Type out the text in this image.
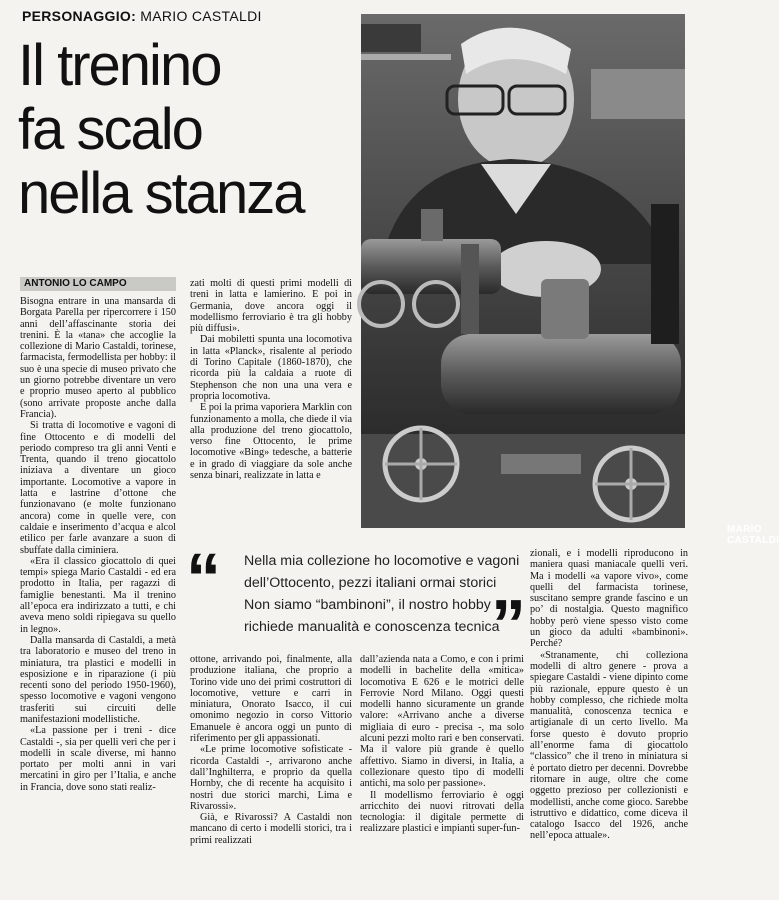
PERSONAGGIO: MARIO CASTALDI
Il trenino
fa scalo
nella stanza
ANTONIO LO CAMPO
MARIO CASTALDI

Bisogna entrare in una mansarda di Borgata Parella per ripercorrere i 150 anni dell’affascinante storia dei trenini. È la «tana» che accoglie la collezione di Mario Castaldi, torinese, farmacista, fermodellista per hobby: il suo è una specie di museo privato che un giorno potrebbe diventare un vero e proprio museo aperto al pubblico (sono arrivate proposte anche dalla Francia).

Si tratta di locomotive e vagoni di fine Ottocento e di modelli del periodo compreso tra gli anni Venti e Trenta, quando il treno giocattolo iniziava a diventare un gioco importante. Locomotive a vapore in latta e lastrine d’ottone che funzionavano (e molte funzionano ancora) come in quelle vere, con caldaie e inserimento d’acqua e alcol etilico per farle avanzare a suon di sbuffate dalla ciminiera.

«Era il classico giocattolo di quei tempi» spiega Mario Castaldi - ed era prodotto in Italia, per ragazzi di famiglie benestanti. Ma il trenino all’epoca era indirizzato a tutti, e chi aveva meno soldi ripiegava su quello in legno».

Dalla mansarda di Castaldi, a metà tra laboratorio e museo del treno in miniatura, tra plastici e modelli in esposizione e in riparazione (i più recenti sono del periodo 1950-1960), spesso locomotive e vagoni vengono trasferiti sui circuiti delle manifestazioni modellistiche.

«La passione per i treni - dice Castaldi -, sia per quelli veri che per i modelli in scale diverse, mi hanno portato per molti anni in vari mercatini in giro per l’Italia, e anche in Francia, dove sono stati realiz-

zati molti di questi primi modelli di treni in latta e lamierino. E poi in Germania, dove ancora oggi il modellismo ferroviario è tra gli hobby più diffusi».

Dai mobiletti spunta una locomotiva in latta «Planck», risalente al periodo di Torino Capitale (1860-1870), che ricorda più la caldaia a ruote di Stephenson che non una una vera e propria locomotiva.

E poi la prima vaporiera Marklin con funzionamento a molla, che diede il via alla produzione del treno giocattolo, verso fine Ottocento, le prime locomotive «Bing» tedesche, a batterie e in grado di viaggiare da sole anche senza binari, realizzate in latta e

“ Nella mia collezione ho locomotive e vagoni
dell’Ottocento, pezzi italiani ormai storici
Non siamo “bambinoni”, il nostro hobby
richiede manualità e conoscenza tecnica
”

ottone, arrivando poi, finalmente, alla produzione italiana, che proprio a Torino vide uno dei primi costruttori di locomotive, vetture e carri in miniatura, Onorato Isacco, il cui omonimo negozio in corso Vittorio Emanuele è ancora oggi un punto di riferimento per gli appassionati.

«Le prime locomotive sofisticate - ricorda Castaldi -, arrivarono anche dall’Inghilterra, e proprio da quella Hornby, che di recente ha acquisito i nostri due storici marchi, Lima e Rivarossi».

Già, e Rivarossi? A Castaldi non mancano di certo i modelli storici, tra i primi realizzati

dall’azienda nata a Como, e con i primi modelli in bachelite della «mitica» locomotiva E 626 e le motrici delle Ferrovie Nord Milano. Oggi questi modelli hanno sicuramente un grande valore: «Arrivano anche a diverse migliaia di euro - precisa -, ma solo alcuni pezzi molto rari e ben conservati. Ma il valore più grande è quello affettivo. Siamo in diversi, in Italia, a collezionare questo tipo di modelli antichi, ma solo per passione».

Il modellismo ferroviario è oggi arricchito dei nuovi ritrovati della tecnologia: il digitale permette di realizzare plastici e impianti super-fun-

zionali, e i modelli riproducono in maniera quasi maniacale quelli veri. Ma i modelli «a vapore vivo», come quelli del farmacista torinese, suscitano sempre grande fascino e un po’ di nostalgia. Questo magnifico hobby però viene spesso visto come un gioco da adulti «bambinoni». Perché?

«Stranamente, chi colleziona modelli di altro genere - prova a spiegare Castaldi - viene dipinto come più razionale, eppure questo è un hobby complesso, che richiede molta manualità, conoscenza tecnica e artigianale di un certo livello. Ma forse questo è dovuto proprio all’enorme fama di giocattolo “classico” che il treno in miniatura si è portato dietro per decenni. Dovrebbe ritornare in auge, oltre che come oggetto prezioso per collezionisti e modellisti, anche come gioco. Sarebbe istruttivo e didattico, come diceva il catalogo Isacco del 1926, anche nell’epoca attuale».
